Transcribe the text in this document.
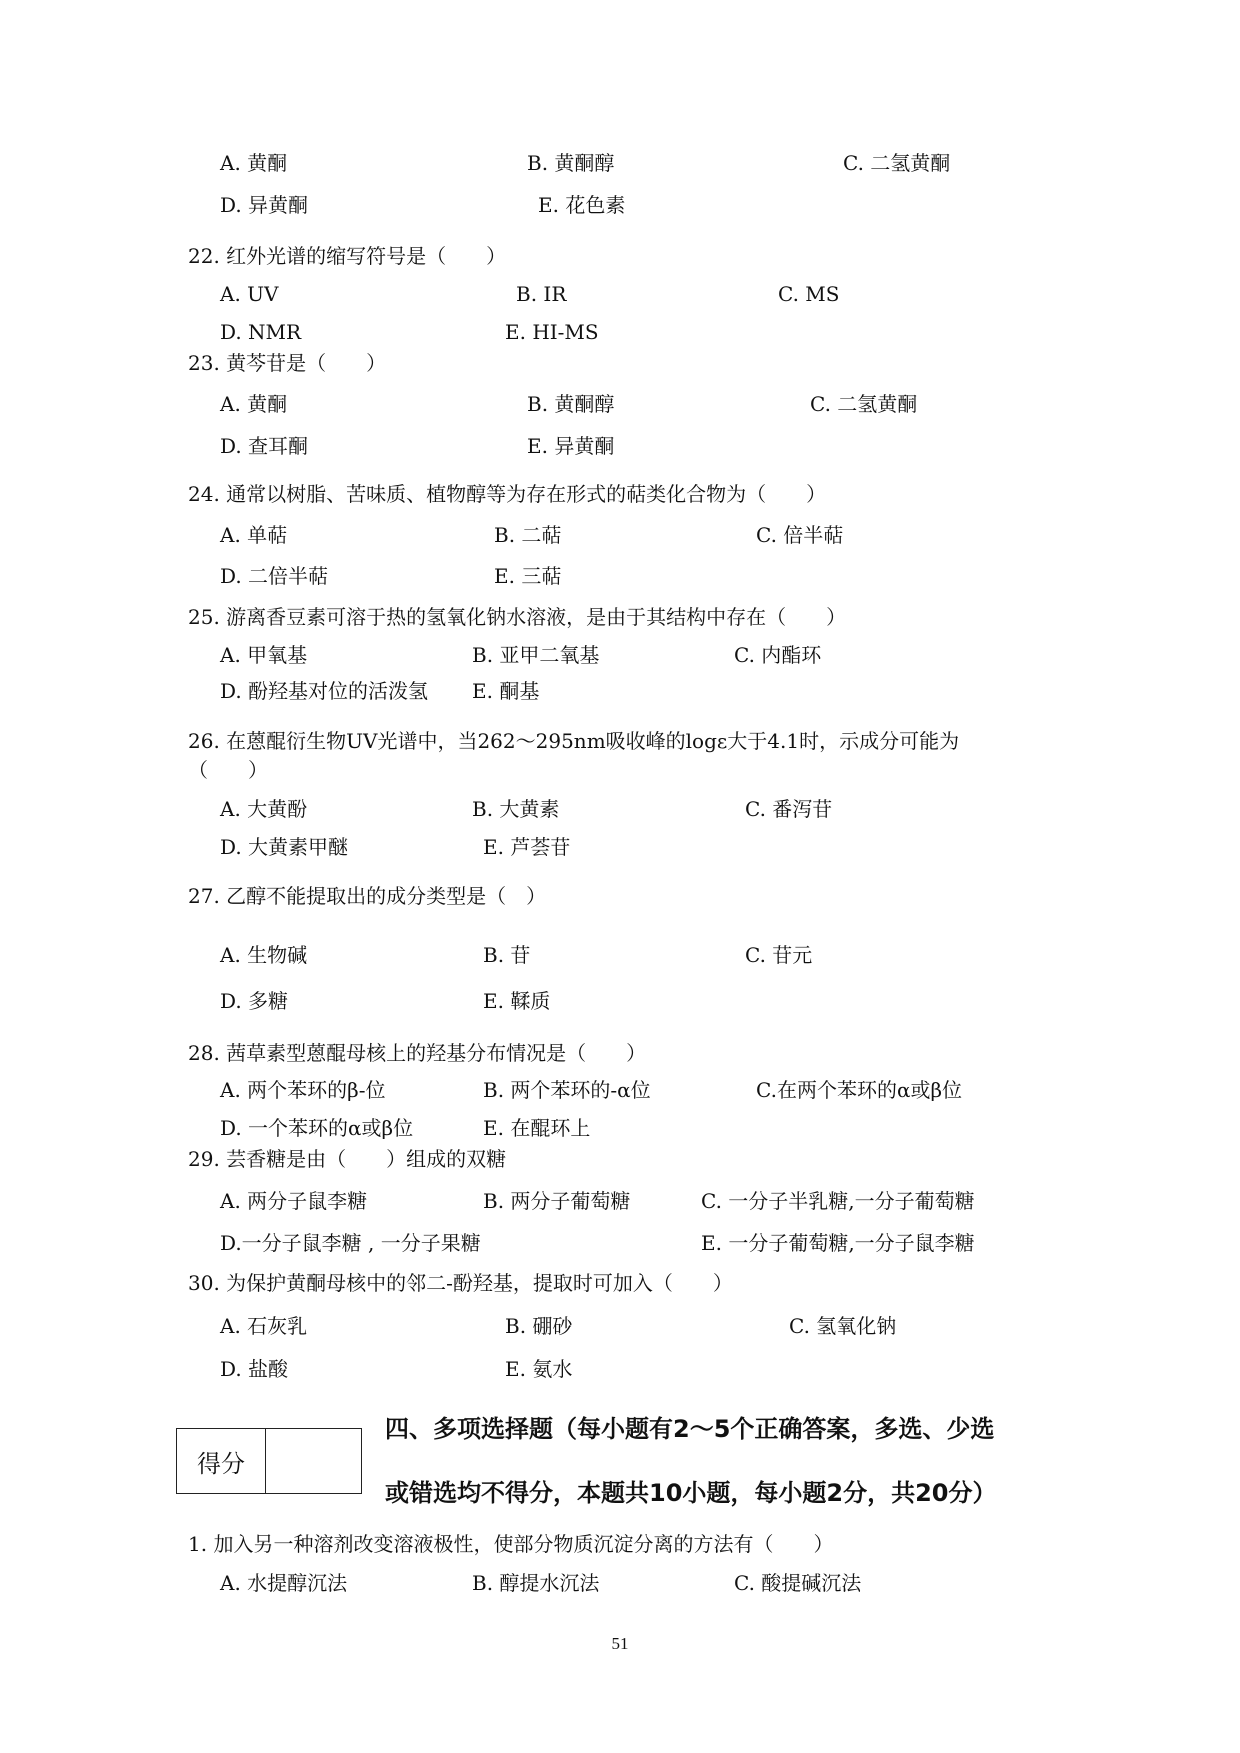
A. 黄酮	B. 黄酮醇	C. 二氢黄酮
D. 异黄酮	E. 花色素
22. 红外光谱的缩写符号是（　　）
A. UV	B. IR	C. MS
D. NMR	E. HI-MS
23. 黄芩苷是（　　）
A. 黄酮	B. 黄酮醇	C. 二氢黄酮
D. 查耳酮	E. 异黄酮
24. 通常以树脂、苦味质、植物醇等为存在形式的萜类化合物为（　　）
A. 单萜	B. 二萜	C. 倍半萜
D. 二倍半萜	E. 三萜
25. 游离香豆素可溶于热的氢氧化钠水溶液，是由于其结构中存在（　　）
A. 甲氧基	B. 亚甲二氧基	C. 内酯环
D. 酚羟基对位的活泼氢 E. 酮基
26. 在蒽醌衍生物UV光谱中，当262～295nm吸收峰的logε大于4.1时，示成分可能为
（　　）
A. 大黄酚	B. 大黄素	C. 番泻苷
D. 大黄素甲醚	E. 芦荟苷
27. 乙醇不能提取出的成分类型是（　）
A. 生物碱	B. 苷	C. 苷元
D. 多糖	E. 鞣质
28. 茜草素型蒽醌母核上的羟基分布情况是（　　）
A. 两个苯环的β-位	B. 两个苯环的-α位	C.在两个苯环的α或β位
D. 一个苯环的α或β位	E. 在醌环上
29. 芸香糖是由（　　）组成的双糖
A. 两分子鼠李糖	B. 两分子葡萄糖	C. 一分子半乳糖,一分子葡萄糖
D.一分子鼠李糖 , 一分子果糖	E. 一分子葡萄糖,一分子鼠李糖
30. 为保护黄酮母核中的邻二-酚羟基，提取时可加入（　　）
A. 石灰乳	B. 硼砂	C. 氢氧化钠
D. 盐酸	E. 氨水
得分
四、多项选择题（每小题有2～5个正确答案，多选、少选
或错选均不得分，本题共10小题，每小题2分，共20分）
1. 加入另一种溶剂改变溶液极性，使部分物质沉淀分离的方法有（　　）
A. 水提醇沉法	B. 醇提水沉法	C. 酸提碱沉法
51
